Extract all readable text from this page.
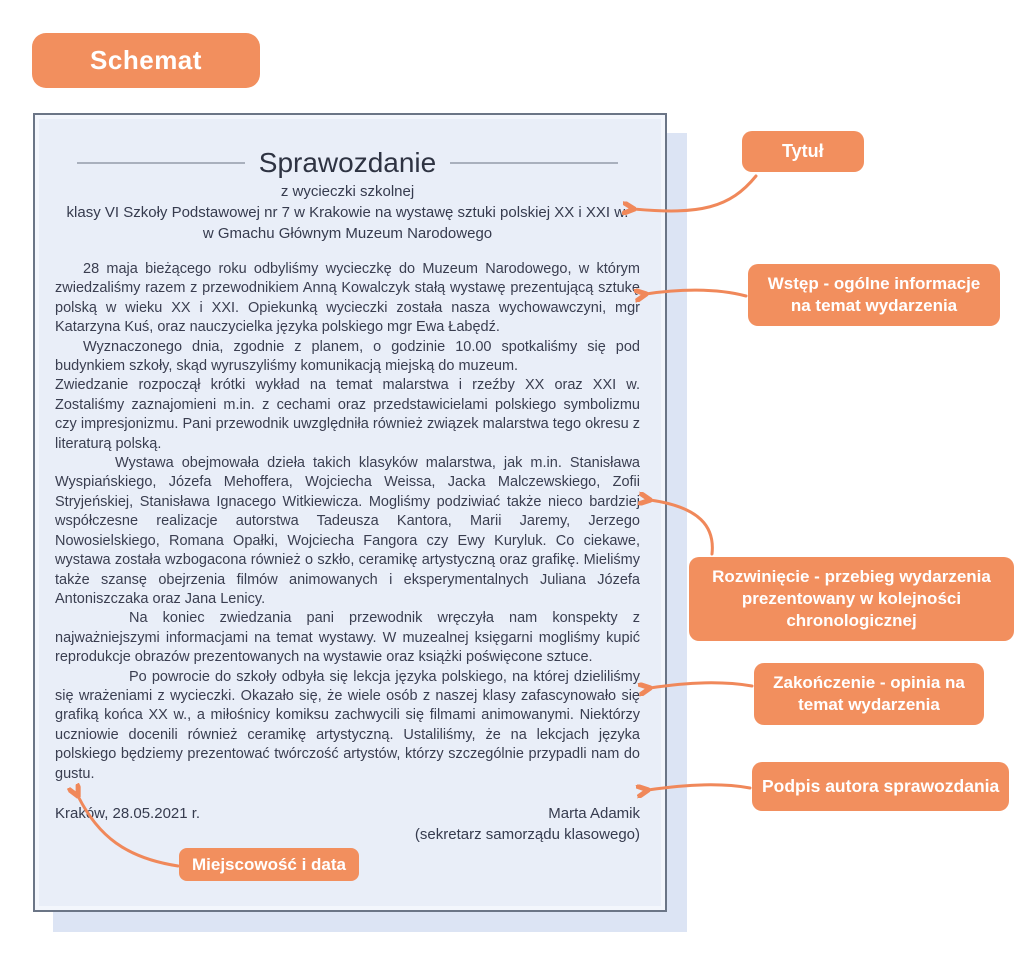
Schemat
Sprawozdanie
z wycieczki szkolnej
klasy VI Szkoły Podstawowej nr 7 w Krakowie na wystawę sztuki polskiej XX i XXI w.
w Gmachu Głównym Muzeum Narodowego

28 maja bieżącego roku odbyliśmy wycieczkę do Muzeum Narodowego, w którym zwiedzaliśmy razem z przewodnikiem Anną Kowalczyk stałą wystawę prezentującą sztukę polską w wieku XX i XXI. Opiekunką wycieczki została nasza wychowawczyni, mgr Katarzyna Kuś, oraz nauczycielka języka polskiego mgr Ewa Łabędź.

Wyznaczonego dnia, zgodnie z planem, o godzinie 10.00 spotkaliśmy się pod budynkiem szkoły, skąd wyruszyliśmy komunikacją miejską do muzeum.

Zwiedzanie rozpoczął krótki wykład na temat malarstwa i rzeźby XX oraz XXI w. Zostaliśmy zaznajomieni m.in. z cechami oraz przedstawicielami polskiego symbolizmu czy impresjonizmu. Pani przewodnik uwzględniła również związek malarstwa tego okresu z literaturą polską.

Wystawa obejmowała dzieła takich klasyków malarstwa, jak m.in. Stanisława Wyspiańskiego, Józefa Mehoffera, Wojciecha Weissa, Jacka Malczewskiego, Zofii Stryjeńskiej, Stanisława Ignacego Witkiewicza. Mogliśmy podziwiać także nieco bardziej współczesne realizacje autorstwa Tadeusza Kantora, Marii Jaremy, Jerzego Nowosielskiego, Romana Opałki, Wojciecha Fangora czy Ewy Kuryluk. Co ciekawe, wystawa została wzbogacona również o szkło, ceramikę artystyczną oraz grafikę. Mieliśmy także szansę obejrzenia filmów animowanych i eksperymentalnych Juliana Józefa Antoniszczaka oraz Jana Lenicy.

Na koniec zwiedzania pani przewodnik wręczyła nam konspekty z najważniejszymi informacjami na temat wystawy. W muzealnej księgarni mogliśmy kupić reprodukcje obrazów prezentowanych na wystawie oraz książki poświęcone sztuce.

Po powrocie do szkoły odbyła się lekcja języka polskiego, na której dzieliliśmy się wrażeniami z wycieczki. Okazało się, że wiele osób z naszej klasy zafascynowało się grafiką końca XX w., a miłośnicy komiksu zachwycili się filmami animowanymi. Niektórzy uczniowie docenili również ceramikę artystyczną. Ustaliliśmy, że na lekcjach języka polskiego będziemy prezentować twórczość artystów, którzy szczególnie przypadli nam do gustu.

Kraków, 28.05.2021 r.	Marta Adamik
(sekretarz samorządu klasowego)
Tytuł
Wstęp - ogólne informacje na temat wydarzenia
Rozwinięcie - przebieg wydarzenia prezentowany w kolejności chronologicznej
Zakończenie - opinia na temat wydarzenia
Podpis autora sprawozdania
Miejscowość i data
